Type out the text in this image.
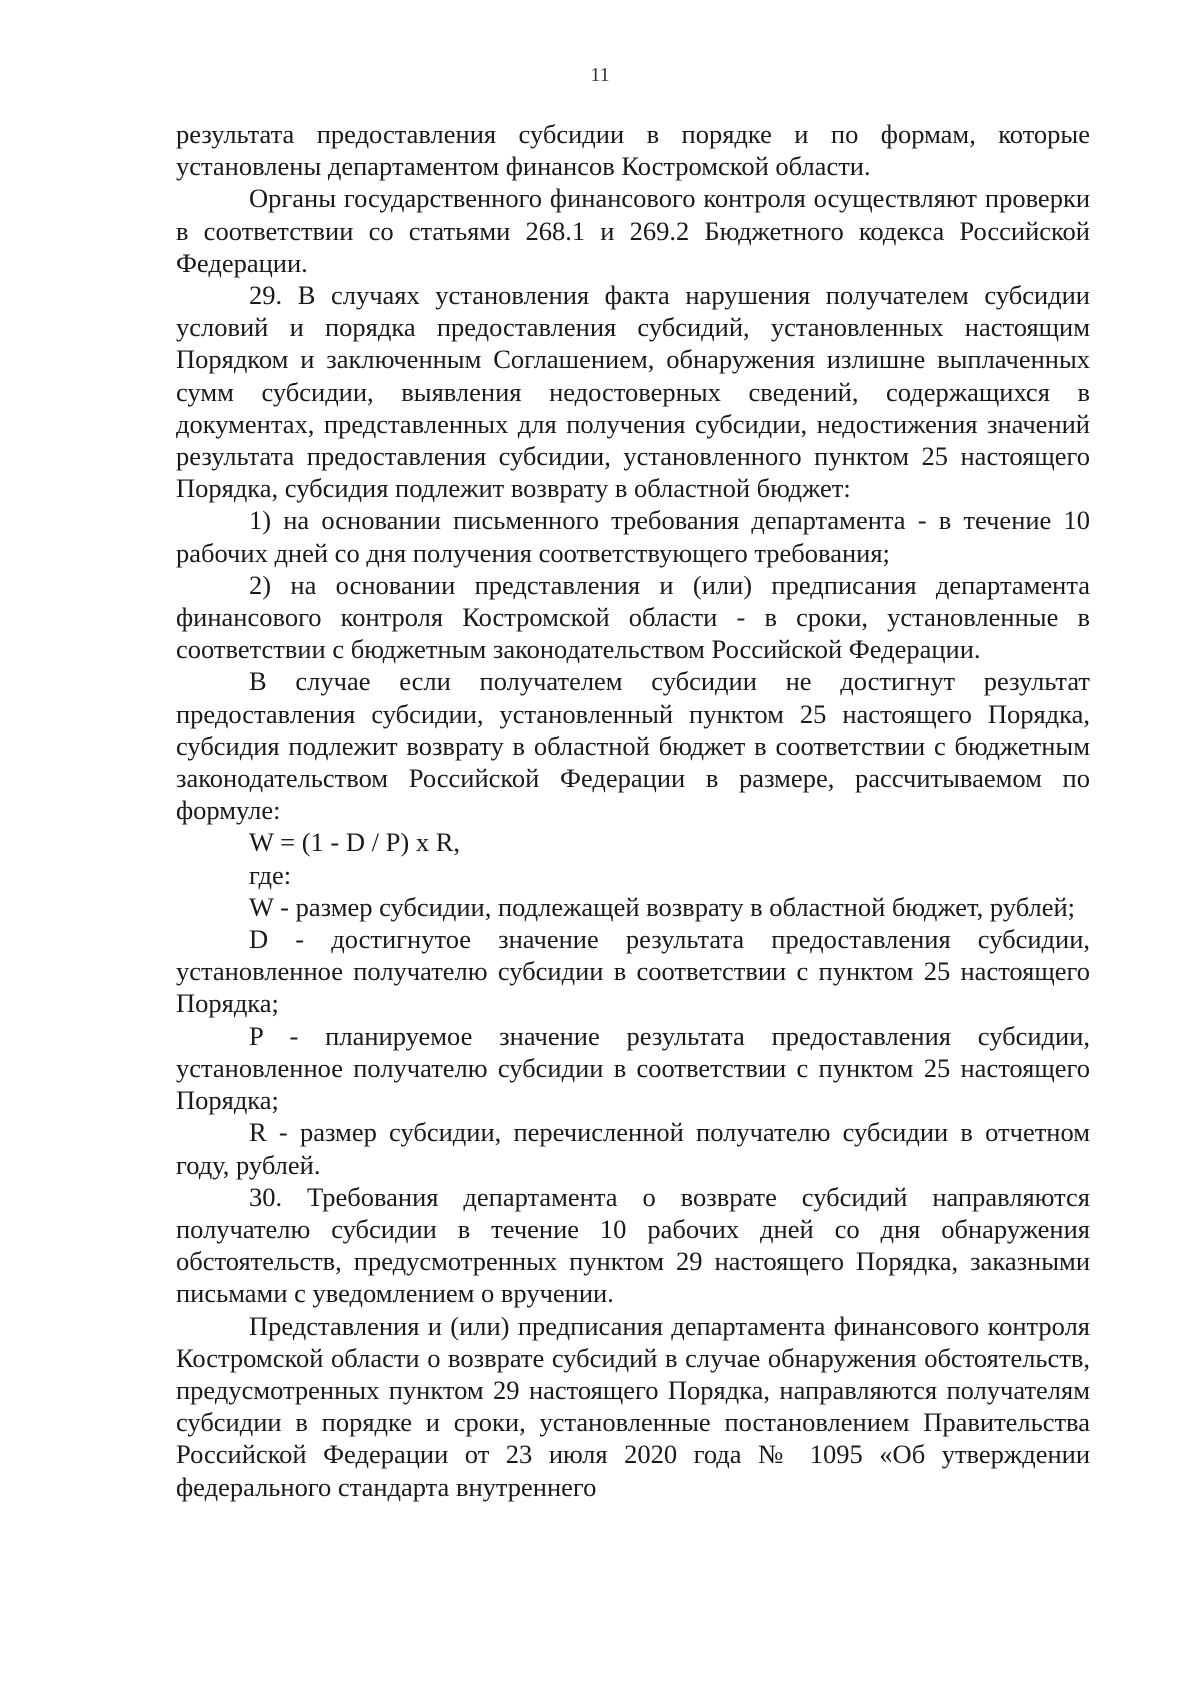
11

результата предоставления субсидии в порядке и по формам, которые установлены департаментом финансов Костромской области.

Органы государственного финансового контроля осуществляют проверки в соответствии со статьями 268.1 и 269.2 Бюджетного кодекса Российской Федерации.

29. В случаях установления факта нарушения получателем субсидии условий и порядка предоставления субсидий, установленных настоящим Порядком и заключенным Соглашением, обнаружения излишне выплаченных сумм субсидии, выявления недостоверных сведений, содержащихся в документах, представленных для получения субсидии, недостижения значений результата предоставления субсидии, установленного пунктом 25 настоящего Порядка, субсидия подлежит возврату в областной бюджет:

1) на основании письменного требования департамента - в течение 10 рабочих дней со дня получения соответствующего требования;

2) на основании представления и (или) предписания департамента финансового контроля Костромской области - в сроки, установленные в соответствии с бюджетным законодательством Российской Федерации.

В случае если получателем субсидии не достигнут результат предоставления субсидии, установленный пунктом 25 настоящего Порядка, субсидия подлежит возврату в областной бюджет в соответствии с бюджетным законодательством Российской Федерации в размере, рассчитываемом по формуле:

W = (1 - D / P) x R,

где:

W - размер субсидии, подлежащей возврату в областной бюджет, рублей;

D - достигнутое значение результата предоставления субсидии, установленное получателю субсидии в соответствии с пунктом 25 настоящего Порядка;

P - планируемое значение результата предоставления субсидии, установленное получателю субсидии в соответствии с пунктом 25 настоящего Порядка;

R - размер субсидии, перечисленной получателю субсидии в отчетном году, рублей.

30. Требования департамента о возврате субсидий направляются получателю субсидии в течение 10 рабочих дней со дня обнаружения обстоятельств, предусмотренных пунктом 29 настоящего Порядка, заказными письмами с уведомлением о вручении.

Представления и (или) предписания департамента финансового контроля Костромской области о возврате субсидий в случае обнаружения обстоятельств, предусмотренных пунктом 29 настоящего Порядка, направляются получателям субсидии в порядке и сроки, установленные постановлением Правительства Российской Федерации от 23 июля 2020 года № 1095 «Об утверждении федерального стандарта внутреннего
